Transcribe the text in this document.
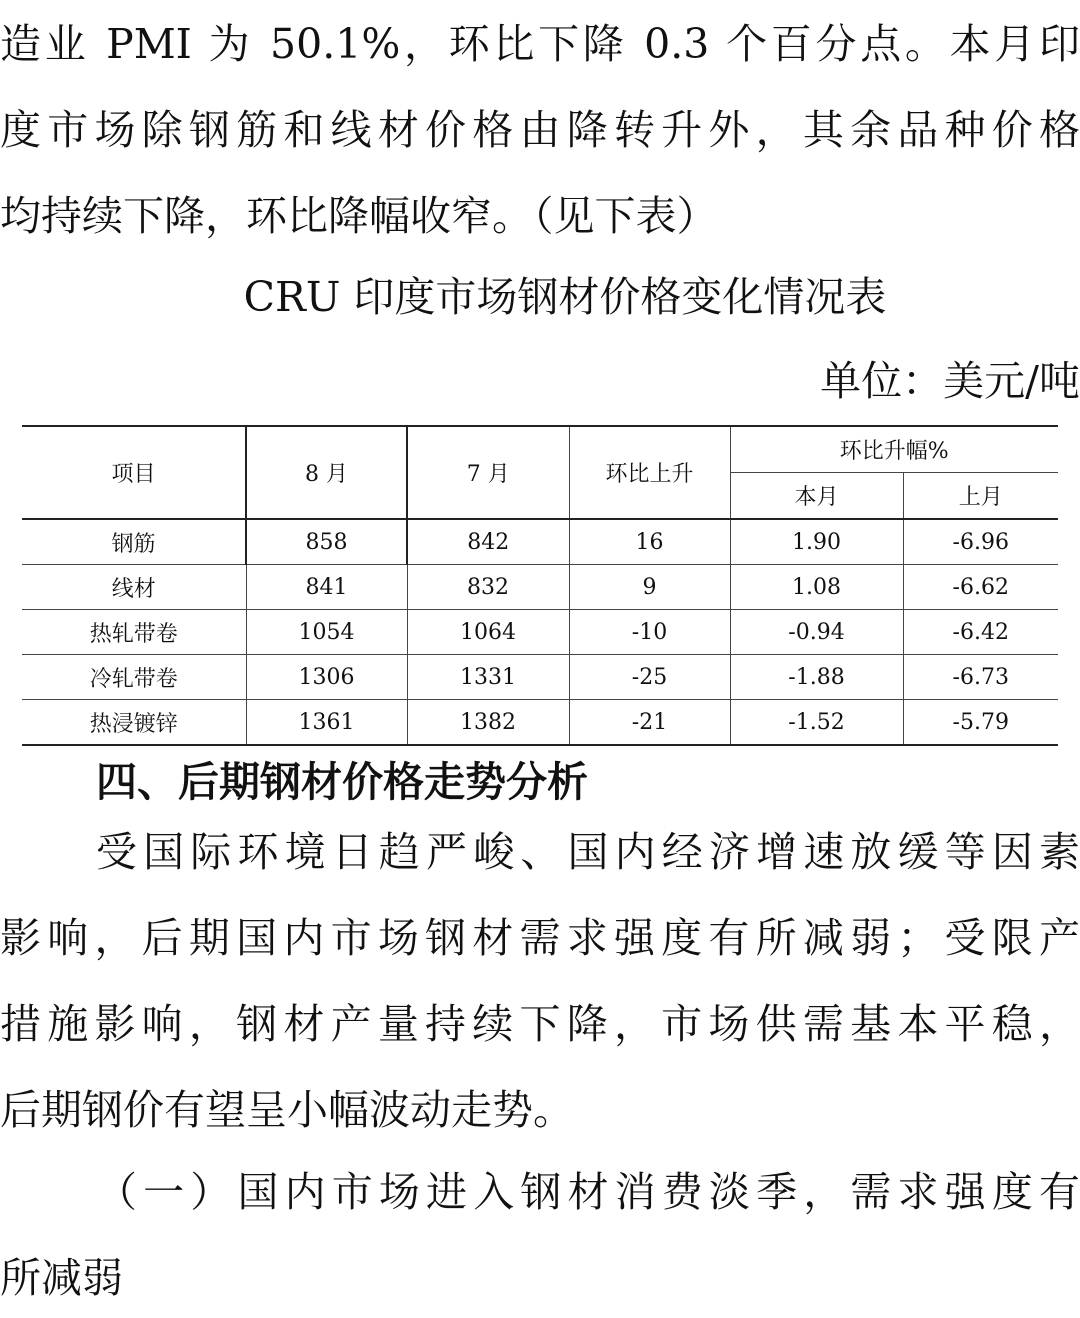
造业 PMI 为 50.1%，环比下降 0.3 个百分点。本月印
度市场除钢筋和线材价格由降转升外，其余品种价格
均持续下降，环比降幅收窄。（见下表）
CRU 印度市场钢材价格变化情况表
单位：美元/吨
项目	8 月	7 月	环比上升	环比升幅%	
				本月	上月
钢筋	858	842	16	1.90	-6.96
线材	841	832	9	1.08	-6.62
热轧带卷	1054	1064	-10	-0.94	-6.42
冷轧带卷	1306	1331	-25	-1.88	-6.73
热浸镀锌	1361	1382	-21	-1.52	-5.79
四、后期钢材价格走势分析
受国际环境日趋严峻、国内经济增速放缓等因素
影响，后期国内市场钢材需求强度有所减弱；受限产
措施影响，钢材产量持续下降，市场供需基本平稳，
后期钢价有望呈小幅波动走势。
（一）国内市场进入钢材消费淡季，需求强度有
所减弱
